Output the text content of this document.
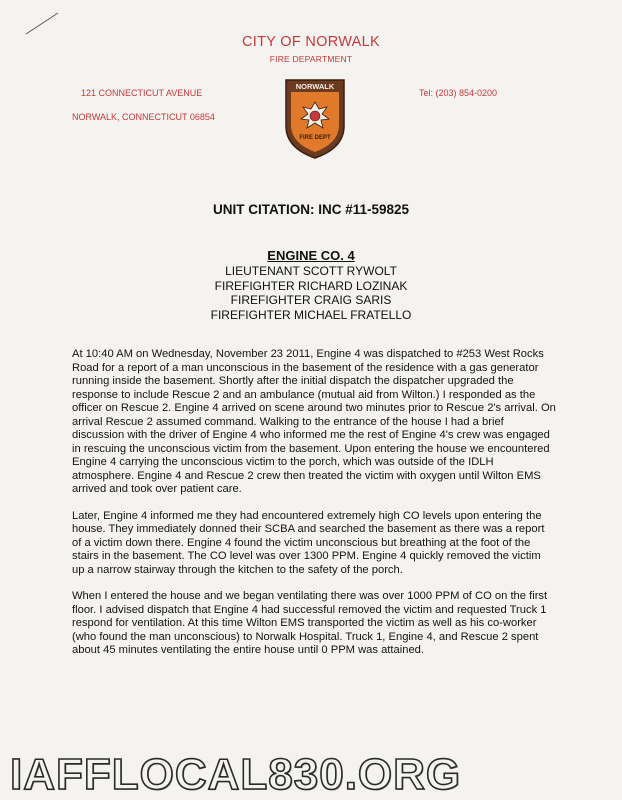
CITY OF NORWALK
FIRE DEPARTMENT
121 CONNECTICUT AVENUE
NORWALK, CONNECTICUT 06854
Tel: (203) 854-0200
NORWALK
FIRE DEPT
UNIT CITATION: INC #11-59825
ENGINE CO. 4
LIEUTENANT SCOTT RYWOLT
FIREFIGHTER RICHARD LOZINAK
FIREFIGHTER CRAIG SARIS
FIREFIGHTER MICHAEL FRATELLO

At 10:40 AM on Wednesday, November 23 2011, Engine 4 was dispatched to #253 West Rocks Road for a report of a man unconscious in the basement of the residence with a gas generator running inside the basement. Shortly after the initial dispatch the dispatcher upgraded the response to include Rescue 2 and an ambulance (mutual aid from Wilton.) I responded as the officer on Rescue 2. Engine 4 arrived on scene around two minutes prior to Rescue 2's arrival. On arrival Rescue 2 assumed command. Walking to the entrance of the house I had a brief discussion with the driver of Engine 4 who informed me the rest of Engine 4's crew was engaged in rescuing the unconscious victim from the basement. Upon entering the house we encountered Engine 4 carrying the unconscious victim to the porch, which was outside of the IDLH atmosphere. Engine 4 and Rescue 2 crew then treated the victim with oxygen until Wilton EMS arrived and took over patient care.

Later, Engine 4 informed me they had encountered extremely high CO levels upon entering the house. They immediately donned their SCBA and searched the basement as there was a report of a victim down there. Engine 4 found the victim unconscious but breathing at the foot of the stairs in the basement. The CO level was over 1300 PPM. Engine 4 quickly removed the victim up a narrow stairway through the kitchen to the safety of the porch.

When I entered the house and we began ventilating there was over 1000 PPM of CO on the first floor. I advised dispatch that Engine 4 had successful removed the victim and requested Truck 1 respond for ventilation. At this time Wilton EMS transported the victim as well as his co-worker (who found the man unconscious) to Norwalk Hospital. Truck 1, Engine 4, and Rescue 2 spent about 45 minutes ventilating the entire house until 0 PPM was attained.

IAFFLOCAL830.ORG
